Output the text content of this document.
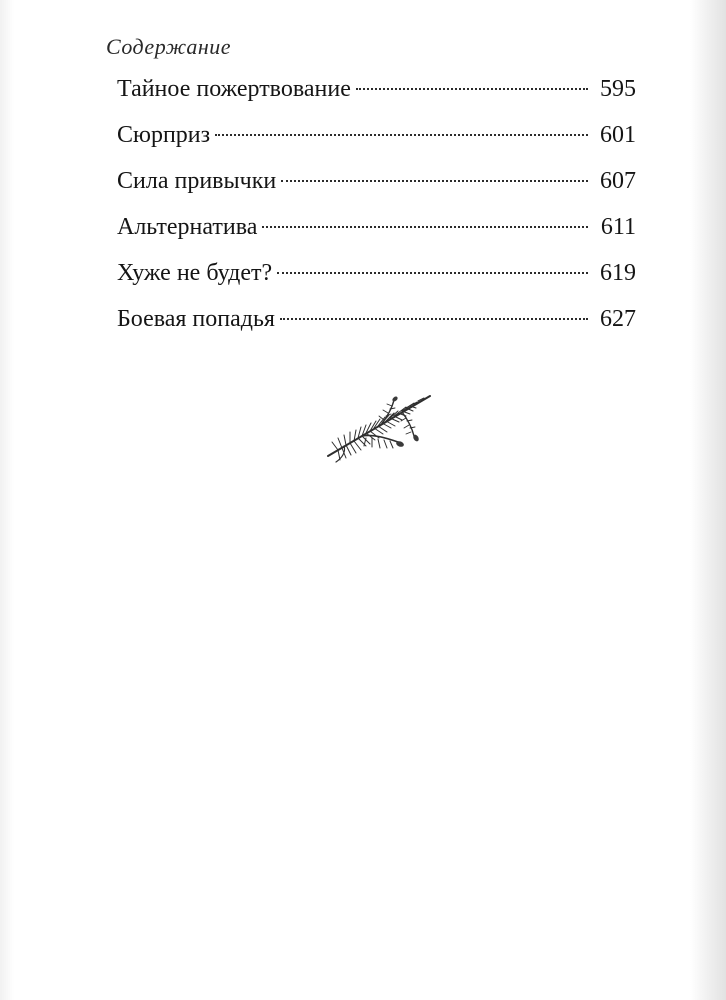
Содержание
Тайное пожертвование	595
Сюрприз	601
Сила привычки	607
Альтернатива	611
Хуже не будет?	619
Боевая попадья	627
